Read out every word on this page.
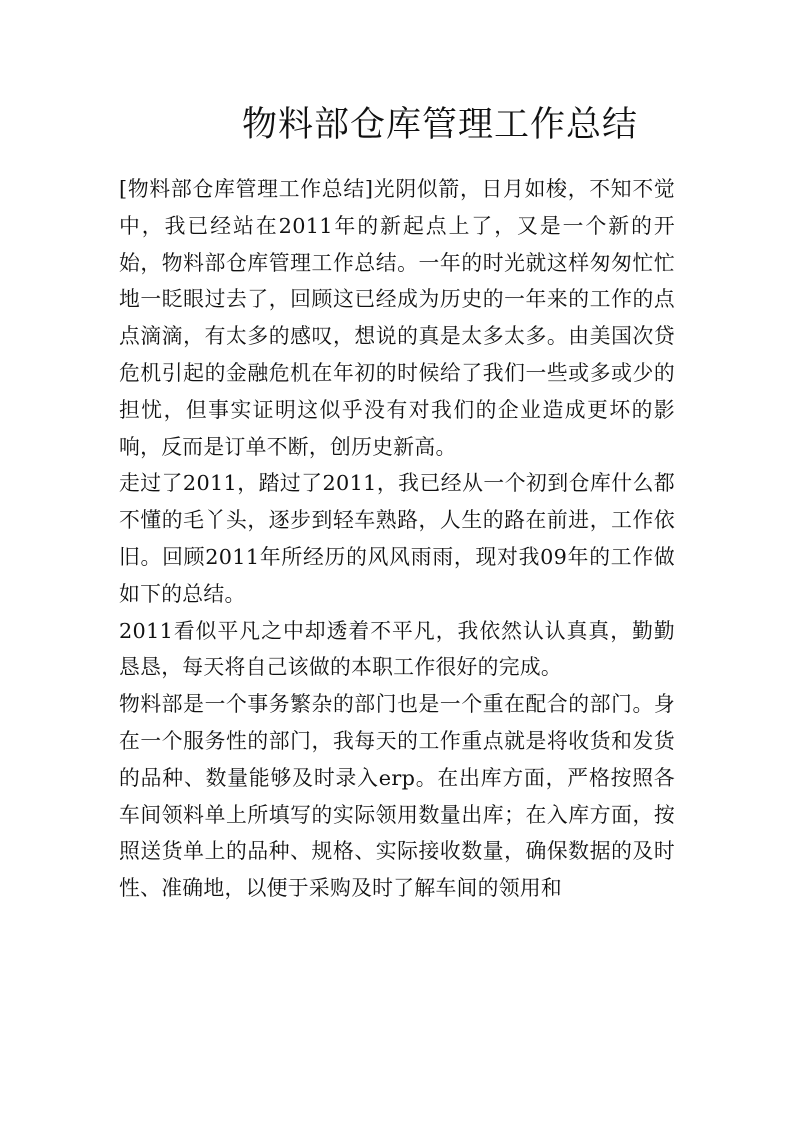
物料部仓库管理工作总结

[物料部仓库管理工作总结]光阴似箭，日月如梭，不知不觉中，我已经站在2011年的新起点上了，又是一个新的开始，物料部仓库管理工作总结。一年的时光就这样匆匆忙忙地一眨眼过去了，回顾这已经成为历史的一年来的工作的点点滴滴，有太多的感叹，想说的真是太多太多。由美国次贷危机引起的金融危机在年初的时候给了我们一些或多或少的担忧，但事实证明这似乎没有对我们的企业造成更坏的影响，反而是订单不断，创历史新高。

走过了2011，踏过了2011，我已经从一个初到仓库什么都不懂的毛丫头，逐步到轻车熟路，人生的路在前进，工作依旧。回顾2011年所经历的风风雨雨，现对我09年的工作做如下的总结。

2011看似平凡之中却透着不平凡，我依然认认真真，勤勤恳恳，每天将自己该做的本职工作很好的完成。

物料部是一个事务繁杂的部门也是一个重在配合的部门。身在一个服务性的部门，我每天的工作重点就是将收货和发货的品种、数量能够及时录入erp。在出库方面，严格按照各车间领料单上所填写的实际领用数量出库；在入库方面，按照送货单上的品种、规格、实际接收数量，确保数据的及时性、准确地，以便于采购及时了解车间的领用和
